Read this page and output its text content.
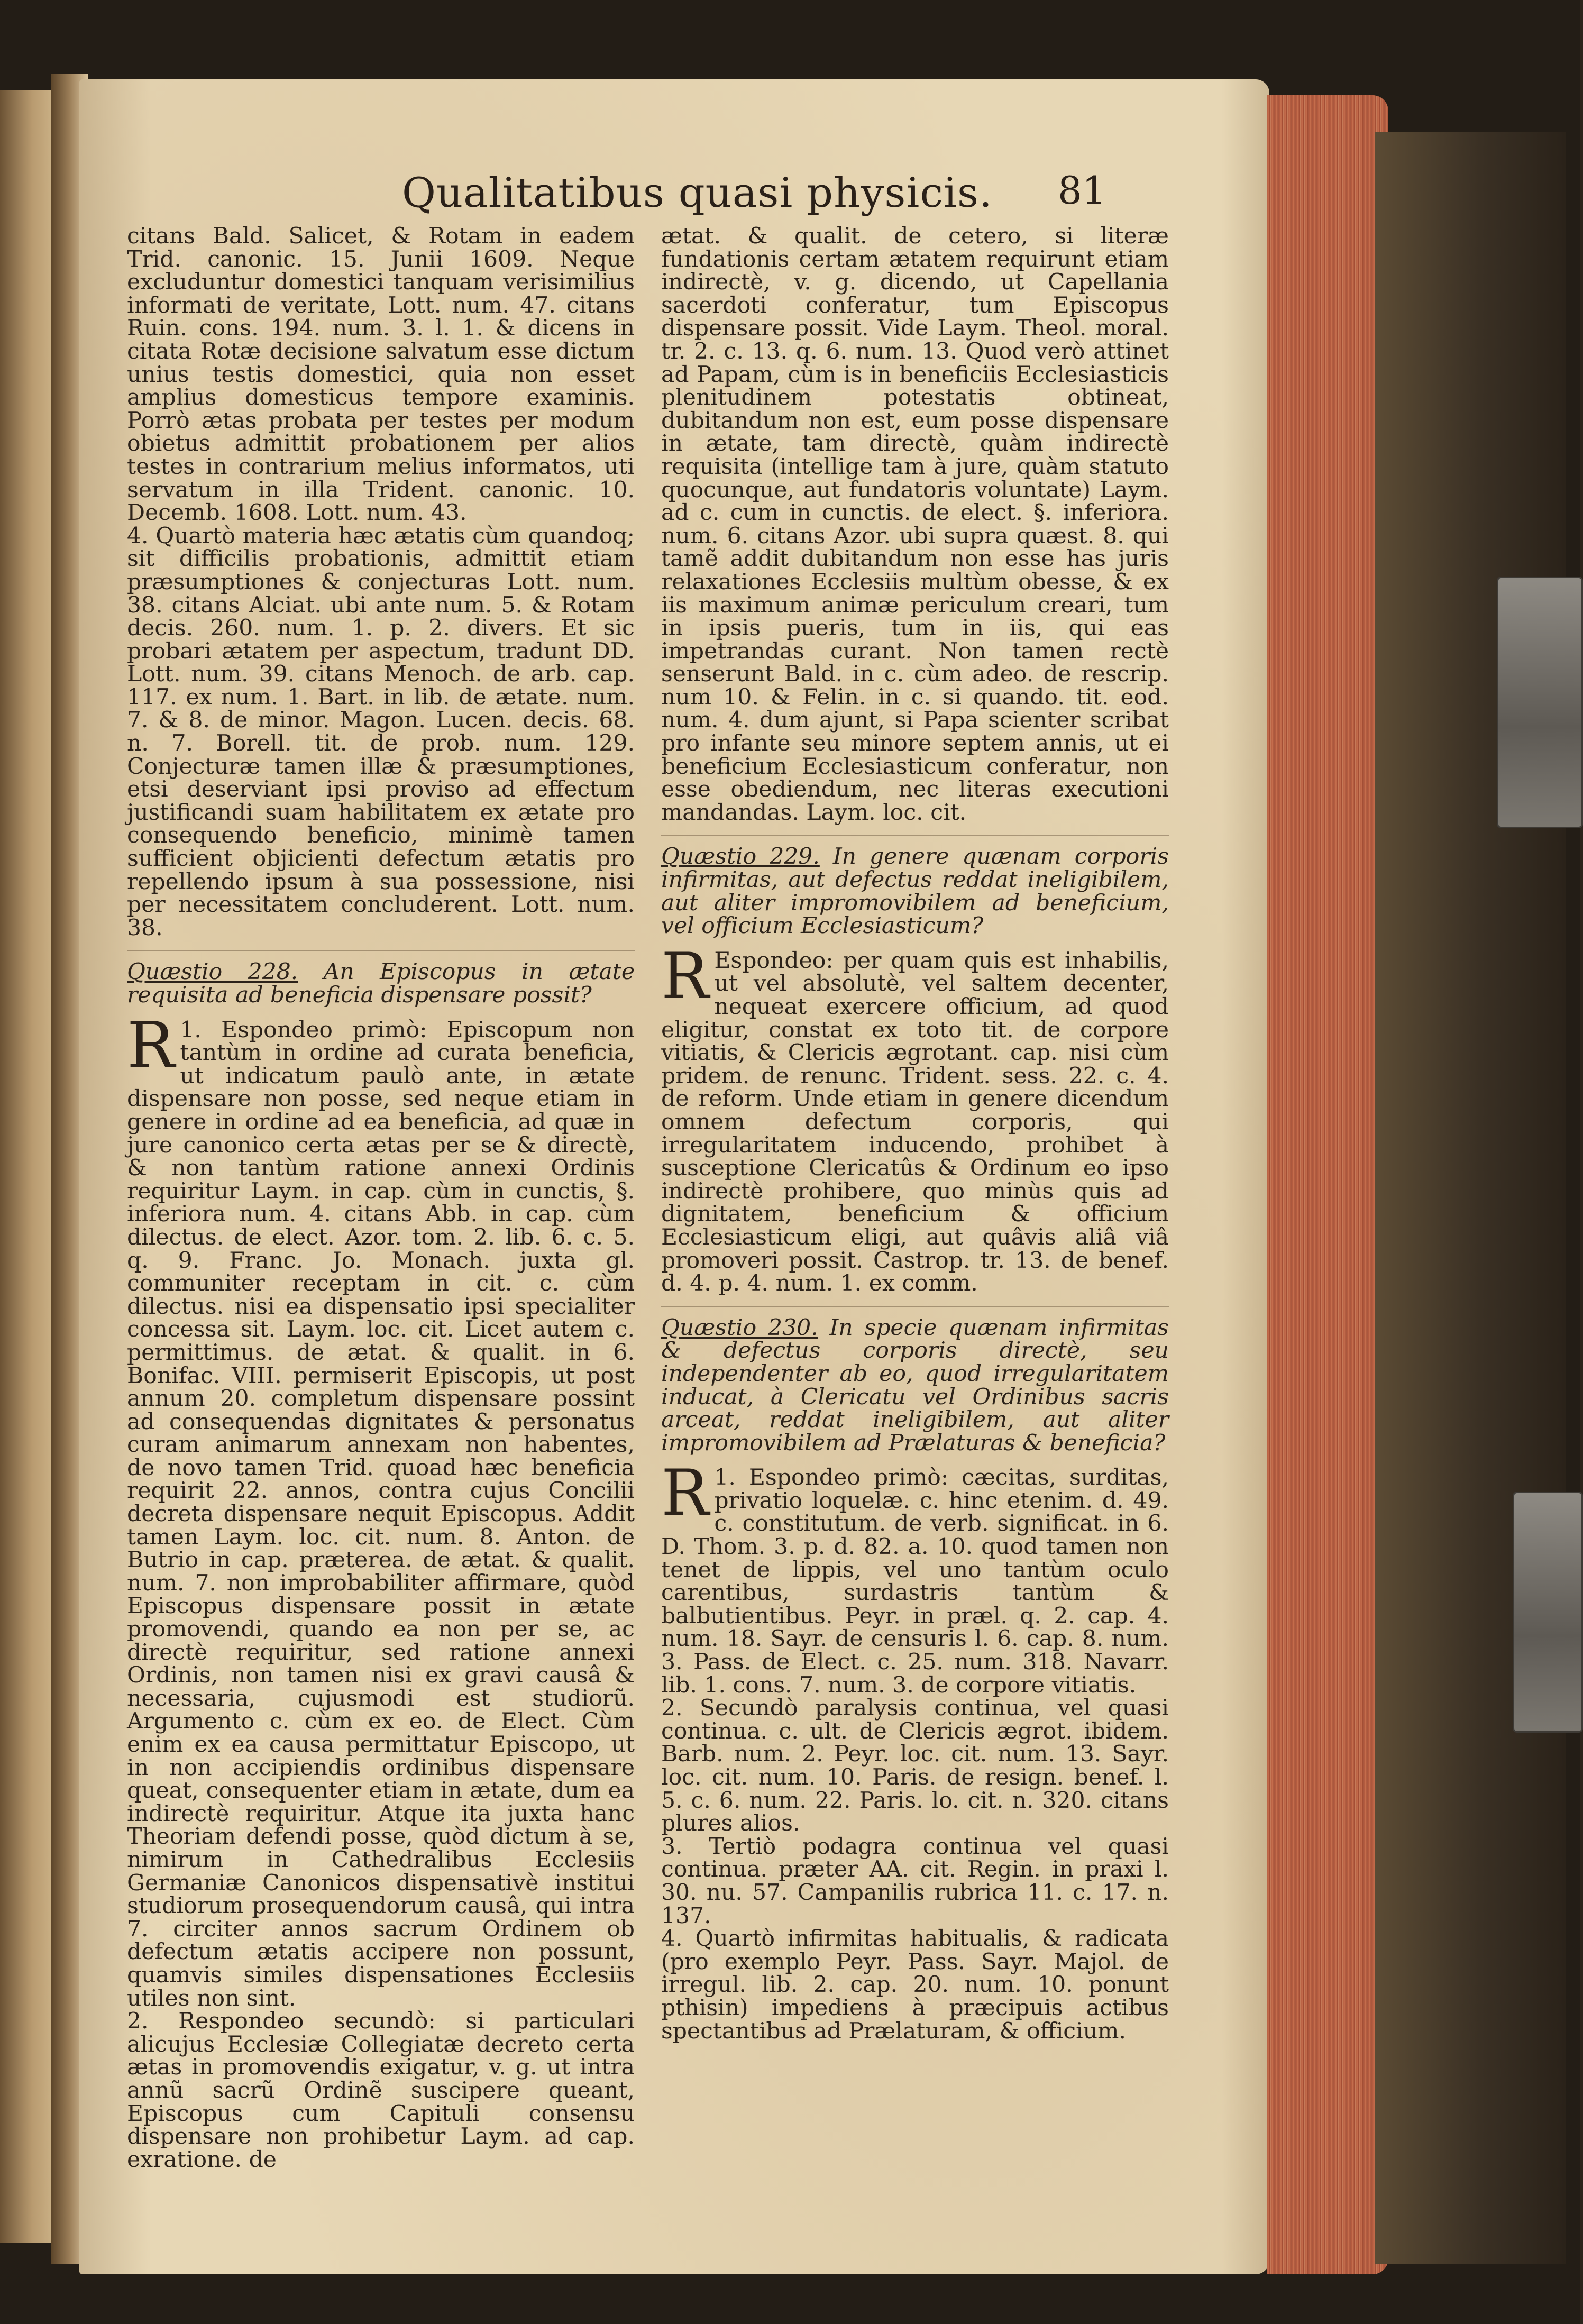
Qualitatibus quasi physicis.	81

citans Bald. Salicet, & Rotam in eadem Trid. canonic. 15. Junii 1609. Neque excluduntur domestici tanquam verisimilius informati de veritate, Lott. num. 47. citans Ruin. cons. 194. num. 3. l. 1. & dicens in citata Rotæ decisione salvatum esse dictum unius testis domestici, quia non esset amplius domesticus tempore examinis. Porrò ætas probata per testes per modum obietus admittit probationem per alios testes in contrarium melius informatos, uti servatum in illa Trident. canonic. 10. Decemb. 1608. Lott. num. 43.

4. Quartò materia hæc ætatis cùm quandoq; sit difficilis probationis, admittit etiam præsumptiones & conjecturas Lott. num. 38. citans Alciat. ubi ante num. 5. & Rotam decis. 260. num. 1. p. 2. divers. Et sic probari ætatem per aspectum, tradunt DD. Lott. num. 39. citans Menoch. de arb. cap. 117. ex num. 1. Bart. in lib. de ætate. num. 7. & 8. de minor. Magon. Lucen. decis. 68. n. 7. Borell. tit. de prob. num. 129. Conjecturæ tamen illæ & præsumptiones, etsi deserviant ipsi proviso ad effectum justificandi suam habilitatem ex ætate pro consequendo beneficio, minimè tamen sufficient objicienti defectum ætatis pro repellendo ipsum à sua possessione, nisi per necessitatem concluderent. Lott. num. 38.

Quæstio 228. An Episcopus in ætate requisita ad beneficia dispensare possit?

1.
R Espondeo primò: Episcopum non tantùm in ordine ad curata beneficia, ut indicatum paulò ante, in ætate dispensare non posse, sed neque etiam in genere in ordine ad ea beneficia, ad quæ in jure canonico certa ætas per se & directè, & non tantùm ratione annexi Ordinis requiritur Laym. in cap. cùm in cunctis, §. inferiora num. 4. citans Abb. in cap. cùm dilectus. de elect. Azor. tom. 2. lib. 6. c. 5. q. 9. Franc. Jo. Monach. juxta gl. communiter receptam in cit. c. cùm dilectus. nisi ea dispensatio ipsi specialiter concessa sit. Laym. loc. cit. Licet autem c. permittimus. de ætat. & qualit. in 6. Bonifac. VIII. permiserit Episcopis, ut post annum 20. completum dispensare possint ad consequendas dignitates & personatus curam animarum annexam non habentes, de novo tamen Trid. quoad hæc beneficia requirit 22. annos, contra cujus Concilii decreta dispensare nequit Episcopus. Addit tamen Laym. loc. cit. num. 8. Anton. de Butrio in cap. præterea. de ætat. & qualit. num. 7. non improbabiliter affirmare, quòd Episcopus dispensare possit in ætate promovendi, quando ea non per se, ac directè requiritur, sed ratione annexi Ordinis, non tamen nisi ex gravi causâ & necessaria, cujusmodi est studiorũ. Argumento c. cùm ex eo. de Elect. Cùm enim ex ea causa permittatur Episcopo, ut in non accipiendis ordinibus dispensare queat, consequenter etiam in ætate, dum ea indirectè requiritur. Atque ita juxta hanc Theoriam defendi posse, quòd dictum à se, nimirum in Cathedralibus Ecclesiis Germaniæ Canonicos dispensativè institui studiorum prosequendorum causâ, qui intra 7. circiter annos sacrum Ordinem ob defectum ætatis accipere non possunt, quamvis similes dispensationes Ecclesiis utiles non sint.

2. Respondeo secundò: si particulari alicujus Ecclesiæ Collegiatæ decreto certa ætas in promovendis exigatur, v. g. ut intra annũ sacrũ Ordinẽ suscipere queant, Episcopus cum Capituli consensu dispensare non prohibetur Laym. ad cap. exratione. de

ætat. & qualit. de cetero, si literæ fundationis certam ætatem requirunt etiam indirectè, v. g. dicendo, ut Capellania sacerdoti conferatur, tum Episcopus dispensare possit. Vide Laym. Theol. moral. tr. 2. c. 13. q. 6. num. 13. Quod verò attinet ad Papam, cùm is in beneficiis Ecclesiasticis plenitudinem potestatis obtineat, dubitandum non est, eum posse dispensare in ætate, tam directè, quàm indirectè requisita (intellige tam à jure, quàm statuto quocunque, aut fundatoris voluntate) Laym. ad c. cum in cunctis. de elect. §. inferiora. num. 6. citans Azor. ubi supra quæst. 8. qui tamẽ addit dubitandum non esse has juris relaxationes Ecclesiis multùm obesse, & ex iis maximum animæ periculum creari, tum in ipsis pueris, tum in iis, qui eas impetrandas curant. Non tamen rectè senserunt Bald. in c. cùm adeo. de rescrip. num 10. & Felin. in c. si quando. tit. eod. num. 4. dum ajunt, si Papa scienter scribat pro infante seu minore septem annis, ut ei beneficium Ecclesiasticum conferatur, non esse obediendum, nec literas executioni mandandas. Laym. loc. cit.

Quæstio 229. In genere quænam corporis infirmitas, aut defectus reddat ineligibilem, aut aliter impromovibilem ad beneficium, vel officium Ecclesiasticum?

R Espondeo: per quam quis est inhabilis, ut vel absolutè, vel saltem decenter, nequeat exercere officium, ad quod eligitur, constat ex toto tit. de corpore vitiatis, & Clericis ægrotant. cap. nisi cùm pridem. de renunc. Trident. sess. 22. c. 4. de reform. Unde etiam in genere dicendum omnem defectum corporis, qui irregularitatem inducendo, prohibet à susceptione Clericatûs & Ordinum eo ipso indirectè prohibere, quo minùs quis ad dignitatem, beneficium & officium Ecclesiasticum eligi, aut quâvis aliâ viâ promoveri possit. Castrop. tr. 13. de benef. d. 4. p. 4. num. 1. ex comm.

Quæstio 230. In specie quænam infirmitas & defectus corporis directè, seu independenter ab eo, quod irregularitatem inducat, à Clericatu vel Ordinibus sacris arceat, reddat ineligibilem, aut aliter impromovibilem ad Prælaturas & beneficia?

1.
R Espondeo primò: cæcitas, surditas, privatio loquelæ. c. hinc etenim. d. 49. c. constitutum. de verb. significat. in 6. D. Thom. 3. p. d. 82. a. 10. quod tamen non tenet de lippis, vel uno tantùm oculo carentibus, surdastris tantùm & balbutientibus. Peyr. in præl. q. 2. cap. 4. num. 18. Sayr. de censuris l. 6. cap. 8. num. 3. Pass. de Elect. c. 25. num. 318. Navarr. lib. 1. cons. 7. num. 3. de corpore vitiatis.

2. Secundò paralysis continua, vel quasi continua. c. ult. de Clericis ægrot. ibidem. Barb. num. 2. Peyr. loc. cit. num. 13. Sayr. loc. cit. num. 10. Paris. de resign. benef. l. 5. c. 6. num. 22. Paris. lo. cit. n. 320. citans plures alios.

3. Tertiò podagra continua vel quasi continua. præter AA. cit. Regin. in praxi l. 30. nu. 57. Campanilis rubrica 11. c. 17. n. 137.

4. Quartò infirmitas habitualis, & radicata (pro exemplo Peyr. Pass. Sayr. Majol. de irregul. lib. 2. cap. 20. num. 10. ponunt pthisin) impediens à præcipuis actibus spectantibus ad Prælaturam, & officium.
